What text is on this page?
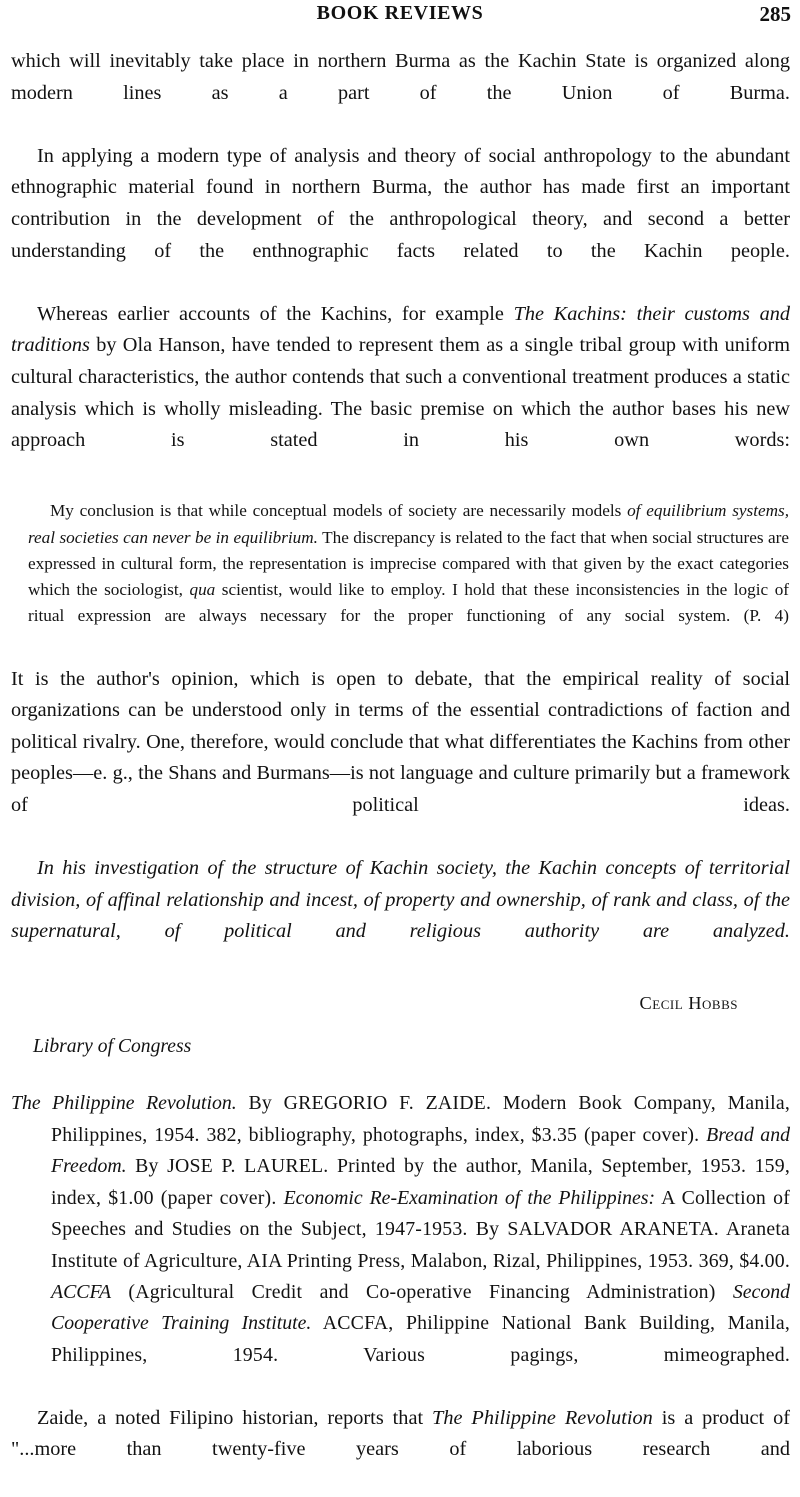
BOOK REVIEWS	285

which will inevitably take place in northern Burma as the Kachin State is organized along modern lines as a part of the Union of Burma.

In applying a modern type of analysis and theory of social anthropology to the abundant ethnographic material found in northern Burma, the author has made first an important contribution in the development of the anthropological theory, and second a better understanding of the enthnographic facts related to the Kachin people.

Whereas earlier accounts of the Kachins, for example The Kachins: their customs and traditions by Ola Hanson, have tended to represent them as a single tribal group with uniform cultural characteristics, the author contends that such a conventional treatment produces a static analysis which is wholly misleading. The basic premise on which the author bases his new approach is stated in his own words:

My conclusion is that while conceptual models of society are necessarily models of equilibrium systems, real societies can never be in equilibrium. The discrepancy is related to the fact that when social structures are expressed in cultural form, the representation is imprecise compared with that given by the exact categories which the sociologist, qua scientist, would like to employ. I hold that these inconsistencies in the logic of ritual expression are always necessary for the proper functioning of any social system. (P. 4)

It is the author's opinion, which is open to debate, that the empirical reality of social organizations can be understood only in terms of the essential contradictions of faction and political rivalry. One, therefore, would conclude that what differentiates the Kachins from other peoples—e. g., the Shans and Burmans—is not language and culture primarily but a framework of political ideas.

In his investigation of the structure of Kachin society, the Kachin concepts of territorial division, of affinal relationship and incest, of property and ownership, of rank and class, of the supernatural, of political and religious authority are analyzed.

Cecil Hobbs
Library of Congress
The Philippine Revolution. By GREGORIO F. ZAIDE. Modern Book Company, Manila, Philippines, 1954. 382, bibliography, photographs, index, $3.35 (paper cover). Bread and Freedom. By JOSE P. LAUREL. Printed by the author, Manila, September, 1953. 159, index, $1.00 (paper cover). Economic Re-Examination of the Philippines: A Collection of Speeches and Studies on the Subject, 1947-1953. By SALVADOR ARANETA. Araneta Institute of Agriculture, AIA Printing Press, Malabon, Rizal, Philippines, 1953. 369, $4.00. ACCFA (Agricultural Credit and Co-operative Financing Administration) Second Cooperative Training Institute. ACCFA, Philippine National Bank Building, Manila, Philippines, 1954. Various pagings, mimeographed.

Zaide, a noted Filipino historian, reports that The Philippine Revolution is a product of "...more than twenty-five years of laborious research and
